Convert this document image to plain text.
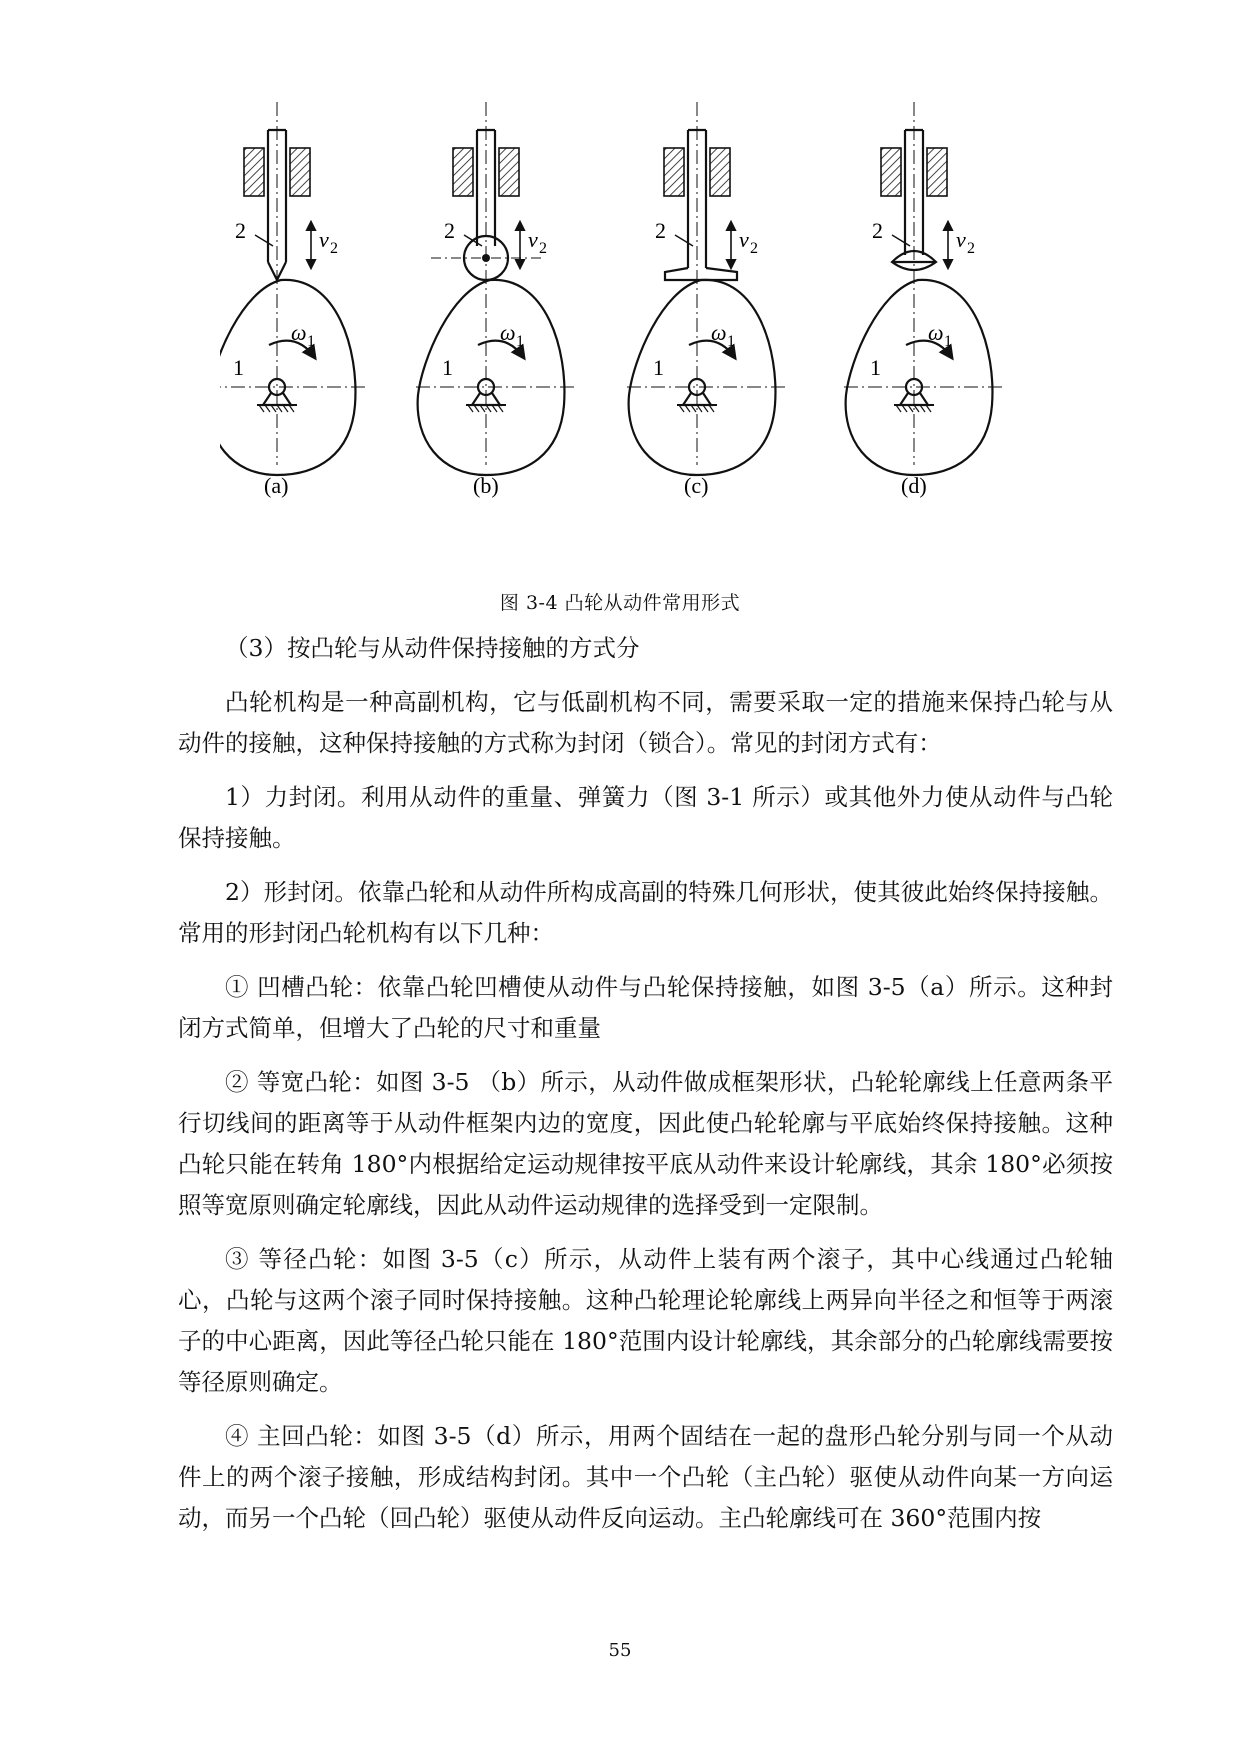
2
1
ω 1
v 2
(a)
2
1
ω 1
v 2
(b)
2
1
ω 1
v 2
(c)
2
1
ω 1
v 2
(d)
图 3-4 凸轮从动件常用形式

（3）按凸轮与从动件保持接触的方式分

凸轮机构是一种高副机构，它与低副机构不同，需要采取一定的措施来保持凸轮与从动件的接触，这种保持接触的方式称为封闭（锁合）。常见的封闭方式有：

1）力封闭。利用从动件的重量、弹簧力（图 3-1 所示）或其他外力使从动件与凸轮保持接触。

2）形封闭。依靠凸轮和从动件所构成高副的特殊几何形状，使其彼此始终保持接触。常用的形封闭凸轮机构有以下几种：

① 凹槽凸轮：依靠凸轮凹槽使从动件与凸轮保持接触，如图 3-5（a）所示。这种封闭方式简单，但增大了凸轮的尺寸和重量

② 等宽凸轮：如图 3-5 （b）所示，从动件做成框架形状，凸轮轮廓线上任意两条平行切线间的距离等于从动件框架内边的宽度，因此使凸轮轮廓与平底始终保持接触。这种凸轮只能在转角 180°内根据给定运动规律按平底从动件来设计轮廓线，其余 180°必须按照等宽原则确定轮廓线，因此从动件运动规律的选择受到一定限制。

③ 等径凸轮：如图 3-5（c）所示，从动件上装有两个滚子，其中心线通过凸轮轴心，凸轮与这两个滚子同时保持接触。这种凸轮理论轮廓线上两异向半径之和恒等于两滚子的中心距离，因此等径凸轮只能在 180°范围内设计轮廓线，其余部分的凸轮廓线需要按等径原则确定。

④ 主回凸轮：如图 3-5（d）所示，用两个固结在一起的盘形凸轮分别与同一个从动件上的两个滚子接触，形成结构封闭。其中一个凸轮（主凸轮）驱使从动件向某一方向运动，而另一个凸轮（回凸轮）驱使从动件反向运动。主凸轮廓线可在 360°范围内按

55
